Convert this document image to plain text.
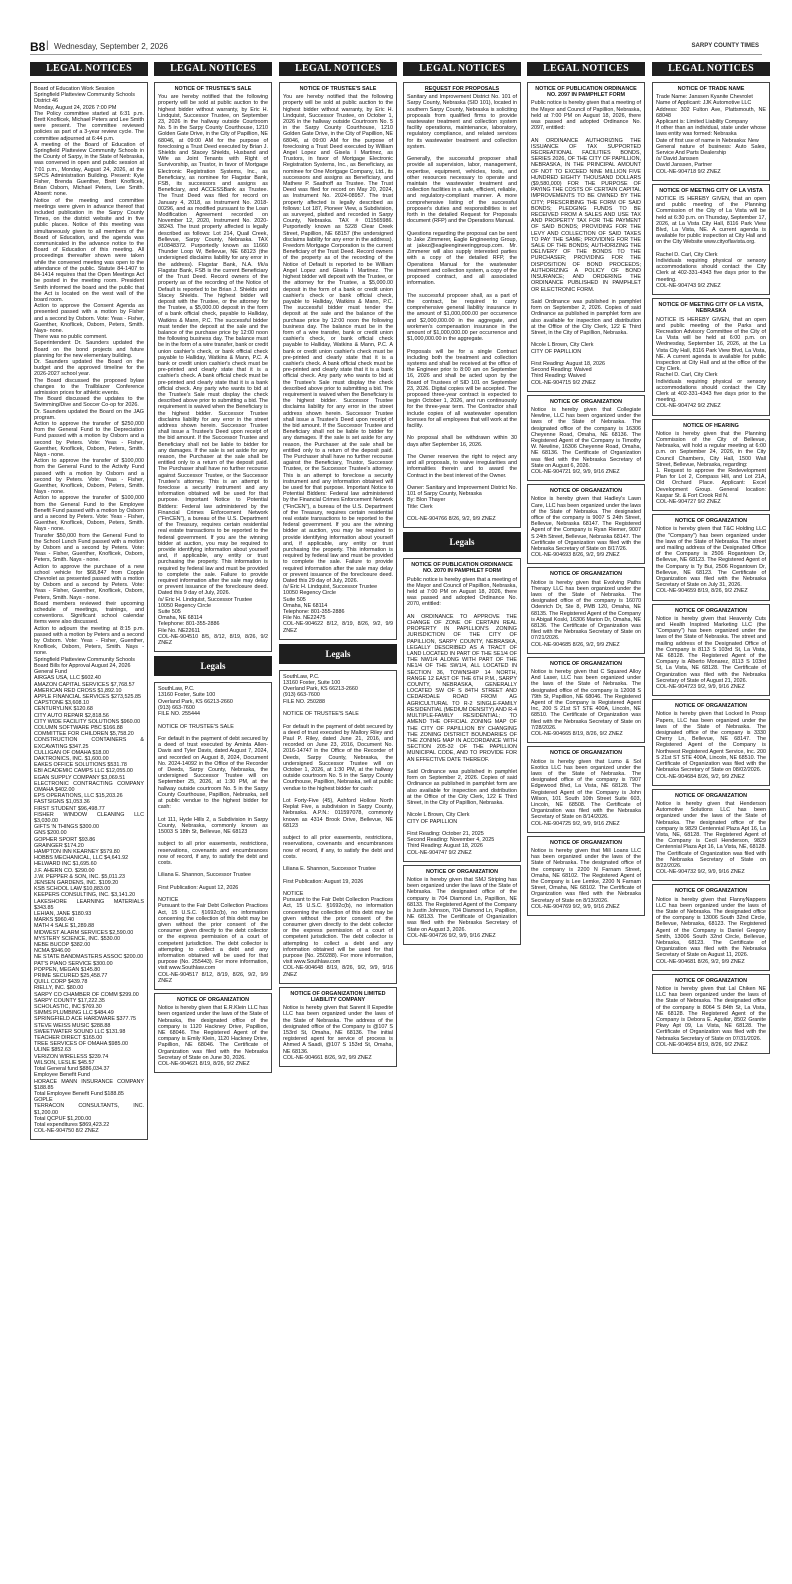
B8 | Wednesday, September 2, 2026	SARPY COUNTY TIMES
LEGAL NOTICES

Board of Education Work Session
Springfield Platteview Community Schools
District 46
Monday, August 24, 2026 7:00 PM
The Policy committee started at 6:31 p.m. Brett Knoflicek, Michael Peters and Lee Smith were present. The committee reviewed policies as part of a 3-year review cycle. The committee adjourned at 6:44 p.m.
A meeting of the Board of Education of Springfield Platteview Community Schools in the County of Sarpy, in the State of Nebraska, was convened in open and public session at 7:01 p.m., Monday, August 24, 2026, at the SPCS Administration Building. Present: Kyle Fisher, Brenda Guenther, Brett Knoflicek, Brian Osborn, Michael Peters, Lee Smith. Absent: none.
Notice of the meeting and committee meetings were given in advance thereof that included publication in the Sarpy County Times, on the district website and in five public places. Notice of this meeting was simultaneously given to all members of the Board of Education, and the agenda was communicated in the advance notice to the Board of Education of this meeting. All proceedings thereafter shown were taken while the convened meeting was open to the attendance of the public. Statute 84-1407 to 84-1414 requires that the Open Meetings Act be posted in the meeting room. President Smith informed the board and the public that the Act is located on the west wall of the board room.
Action to approve the Consent Agenda as presented passed with a motion by Fisher and a second by Osborn. Vote: Yeas - Fisher, Guenther, Knoflicek, Osborn, Peters, Smith. Nays- none.
There was no public comment.
Superintendent Dr. Saunders updated the Board on the bond projects and future planning for the new elementary building.
Dr. Saunders updated the Board on the budget and the approved timeline for the 2026-2027 school year.
The Board discussed the proposed bylaw changes to the Trailblazer Conference admission prices for athletic events.
The Board discussed the updates to the Swimming/Dive and Soccer Co-op for 2026.
Dr. Saunders updated the Board on the JAG program.
Action to approve the transfer of $250,000 from the General Fund to the Depreciation Fund passed with a motion by Osborn and a second by Peters. Vote: Yeas - Fisher, Guenther, Knoflicek, Osborn, Peters, Smith. Nays - none.
Action to approve the transfer of $100,000 from the General Fund to the Activity Fund passed with a motion by Osborn and a second by Peters. Vote: Yeas - Fisher, Guenther, Knoflicek, Osborn, Peters, Smith. Nays - none.
Action to approve the transfer of $100,000 from the General Fund to the Employee Benefit Fund passed with a motion by Osborn and a second by Peters. Vote: Yeas - Fisher, Guenther, Knoflicek, Osborn, Peters, Smith. Nays - none.
Transfer $50,000 from the General Fund to the School Lunch Fund passed with a motion by Osborn and a second by Peters. Vote: Yeas - Fisher, Guenther, Knoflicek, Osborn, Peters, Smith. Nays - none.
Action to approve the purchase of a new school vehicle for $68,847 from Copple Chevrolet as presented passed with a motion by Osborn and a second by Peters. Vote: Yeas - Fisher, Guenther, Knoflicek, Osborn, Peters, Smith. Nays - none.
Board members reviewed their upcoming schedule of meetings, trainings, and conventions. Significant school calendar items were also discussed.
Action to adjourn the meeting at 8:15 p.m. passed with a motion by Peters and a second by Osborn. Vote: Yeas - Fisher, Guenther, Knoflicek, Osborn, Peters, Smith. Nays - none.
Springfield Platteview Community Schools
Board Bills for Approval August 24, 2026
General Fund
AIRGAS USA, LLC $602.40
AMAZON CAPITAL SERVICES $7,768.57
AMERICAN RED CROSS $1,892.10
APPLE FINANCIAL SERVICES $273,525.85
CAPSTONE $3,608.10
CENTURYLINK $120.68
CITY AUTO REPAIR $2,818.56
CITY WIDE FACILITY SOLUTIONS $960.00
COLUMN SOFTWARE PBC $166.88
COMMITTEE FOR CHILDREN $5,758.20
CONSTRUCTION CONTAINERS & EXCAVATING $347.25
CULLIGAN OF OMAHA $18.00
DAKTRONICS, INC. $1,600.00
EAKES OFFICE SOLUTIONS $531.78
EBI ACADEMIC CAMPS LLC $12,055.00
EGAN SUPPLY COMPANY $3,069.51
ELECTRONIC CONTRACTING COMPANY OMAHA $402.00
EPS OPERATIONS, LLC $15,203.26
FASTSIGNS $1,053.36
FIRST STUDENT $96,498.77
FISHER WINDOW CLEANING LLC $3,030.00
GIFTS 'N THINGS $300.00
GNS $200.00
GOPHER SPORT $93.86
GRAINGER $174.20
HAMPTON INN KEARNEY $579.80
HOBBS MECHANICAL, LLC $4,641.92
HELWARD INC $1,695.60
J.F. AHERN CO. $290.00
J.W. PEPPER & SON, INC. $5,011.23
JENSEN GARDENS, INC. $109.20
KSB SCHOOL LAW $10,883.00
KEEPERS CONSULTING, INC. $3,141.20
LAKESHORE LEARNING MATERIALS $343.85
LEHIAN, JANE $180.93
MARKS $960.40
MATH 4 SALE $1,289.88
MIDWEST ALARM SERVICES $2,590.00
MYSTERY SCIENCE, INC. $530.00
NEBE BUCOP $382.00
NCMA $946.00
NE STATE BANDMASTERS ASSOC $200.00
PAT'S PIANO SERVICE $300.00
POPPEN, MEGAN $145.80
PRIME SECURED $25,458.77
QUILL CORP $439.78
RIELLY, INC. $80.00
SARPY CO CHAMBER OF COMM $299.00
SARPY COUNTY $17,222.35
SCHOLASTIC, INC $769.30
SIMMS PLUMBING LLC $484.49
SPRINGFIELD ACE HARDWARE $377.75
STEVE WEISS MUSIC $288.88
SWEETWATER SOUND LLC $131.98
TEACHER DIRECT $165.00
TREE SERVICES OF OMAHA $985.00
ULINE $852.63
VERIZON WIRELESS $239.74
WILSON, LESLIE $45.57
Total General fund $886,034.37
Employee Benefit Fund
HORACE MANN INSURANCE COMPANY $188.85
Total Employee Benefit Fund $188.85
GOPLE
TERRACON CONSULTANTS, INC. $1,200.00
Total QCPUF $1,200.00
Total expenditures $869,423.22
COL-NE-904750 8/2 ZNEZ

LEGAL NOTICES
NOTICE OF TRUSTEE'S SALE

You are hereby notified that the following property will be sold at public auction to the highest bidder without warranty, by Eric H. Lindquist, Successor Trustee, on September 23, 2026 in the hallway outside Courtroom No. 5 in the Sarpy County Courthouse, 1210 Golden Gate Drive, in the City of Papillion, NE 68046, at 09:00 AM for the purpose of foreclosing a Trust Deed executed by Brian J. Shields and Stacey Shields, Husband and Wife as Joint Tenants with Right of Survivorship, as Trustor, in favor of Mortgage Electronic Registration Systems, Inc., as Beneficiary, as nominee for Flagstar Bank, FSB, its successors and assigns as Beneficiary, and ACCESSBank as Trustee. The Trust Deed was filed for record on January 4, 2018, as Instrument No. 2018-00296, and as modified pursuant to the Loan Modification Agreement recorded on November 12, 2020, Instrument No. 2020-38243. The trust property affected is legally described as follows: Lot 214, Quail Creek, Bellevue, Sarpy County, Nebraska. TAX #10848372. Purportedly known as 11660 Thunder Loop W, Bellevue, NE 68123 (the undersigned disclaims liability for any error in the address). Flagstar Bank, N.A. f/k/a Flagstar Bank, FSB is the current Beneficiary of the Trust Deed. Record owners of the property as of the recording of the Notice of Default is reported to be Brian J. Shields and Stacey Shields. The highest bidder will deposit with the Trustee, or the attorney for the Trustee, a $5,000.00 deposit in the form of a bank official check, payable to Halliday, Watkins & Mann, P.C. The successful bidder must tender the deposit at the sale and the balance of the purchase price by 12:00 noon the following business day. The balance must be in the form of a wire transfer, bank or credit union cashier's check, or bank official check payable to Halliday, Watkins & Mann, P.C. A bank or credit union cashier's check must be pre-printed and clearly state that it is a cashier's check. A bank official check must be pre-printed and clearly state that it is a bank official check. Any party who wants to bid at the Trustee's Sale must display the check described above prior to submitting a bid. The requirement is waived when the Beneficiary is the highest bidder. Successor Trustee disclaims liability for any error in the street address shown herein. Successor Trustee shall issue a Trustee's Deed upon receipt of the bid amount. If the Successor Trustee and Beneficiary shall not be liable to bidder for any damages. If the sale is set aside for any reason, the Purchaser at the sale shall be entitled only to a return of the deposit paid. The Purchaser shall have no further recourse against Successor Trustee, or the Successor Trustee's attorney. This is an attempt to foreclose a security instrument and any information obtained will be used for that purpose. Important Notice to Potential Bidders: Federal law administered by the Financial Crimes Enforcement Network ("FinCEN"), a bureau of the U.S. Department of the Treasury, requires certain residential real estate transactions to be reported to the federal government. If you are the winning bidder at auction, you may be required to provide identifying information about yourself and, if applicable, any entity or trust purchasing the property. This information is required by federal law and must be provided to complete the sale. Failure to provide required information after the sale may delay or prevent issuance of the foreclosure deed. Dated this 9 day of July, 2026.
/s/ Eric H. Lindquist, Successor Trustee
10050 Regency Circle
Suite 505
Omaha, NE 68114
Telephone: 801-355-2886
File No. NE22611
COL-NE-904510 8/5, 8/12, 8/19, 8/26, 9/2 ZNEZ

Legals

SouthLaw, P.C.
13160 Foster, Suite 100
Overland Park, KS 66213-2660
(913) 663-7600
FILE NO. 255444

NOTICE OF TRUSTEE'S SALE

For default in the payment of debt secured by a deed of trust executed by Aminta Allen-Davis and Tyler Davis, dated August 7, 2024, and recorded on August 8, 2024, Document No. 2024-14092 in the Office of the Recorder of Deeds, Sarpy County, Nebraska, the undersigned Successor Trustee will on September 25, 2026, at 1:30 PM, at the hallway outside courtroom No. 5 in the Sarpy County Courthouse, Papillion, Nebraska, sell at public vendue to the highest bidder for cash:

Lot 111, Hyde Hills 2, a Subdivision in Sarpy County, Nebraska, commonly known as 15003 S 18th St, Bellevue, NE 68123

subject to all prior easements, restrictions, reservations, covenants and encumbrances now of record, if any, to satisfy the debt and costs.

Liliana E. Shannon, Successor Trustee

First Publication: August 12, 2026

NOTICE
Pursuant to the Fair Debt Collection Practices Act, 15 U.S.C. §1692c(b), no information concerning the collection of this debt may be given without the prior consent of the consumer given directly to the debt collector or the express permission of a court of competent jurisdiction. The debt collector is attempting to collect a debt and any information obtained will be used for that purpose (No. 255443). For more information, visit www.Southlaw.com
COL-NE-904517 8/12, 8/19, 8/26, 9/2, 9/9 ZNEZ

NOTICE OF ORGANIZATION

Notice is hereby given that E.R.Klein LLC has been organized under the laws of the State of Nebraska, the designated office of the company is 1120 Hackney Drive, Papillion, NE 68046. The Registered Agent of the company is Emily Klein, 1120 Hackney Drive, Papillion, NE 68046. The Certificate of Organization was filed with the Nebraska Secretary of State on June 30, 2026.
COL-NE-904621 8/19, 8/26, 9/2 ZNEZ

LEGAL NOTICES
NOTICE OF TRUSTEE'S SALE

You are hereby notified that the following property will be sold at public auction to the highest bidder without warranty, by Eric H. Lindquist, Successor Trustee, on October 1, 2026 in the hallway outside Courtroom No. 5 in the Sarpy County Courthouse, 1210 Golden Gate Drive, in the City of Papillion, NE 68046, at 09:00 AM for the purpose of foreclosing a Trust Deed executed by William Angel Lopez and Gisela I Martinez, as Trustors, in favor of Mortgage Electronic Registration Systems, Inc., as Beneficiary, as nominee for One Mortgage Company, Ltd., its successors and assigns as Beneficiary, and Mathew P. Saathoff as Trustee. The Trust Deed was filed for record on May 20, 2024, as Instrument No. 2024-08957. The trust property affected is legally described as follows: Lot 187, Pioneer View, a Subdivision, as surveyed, platted and recorded in Sarpy County, Nebraska. TAX # 011565986. Purportedly known as 5228 Clear Creek Street, Papillion, NE 68157 (the undersigned disclaims liability for any error in the address). Freedom Mortgage Corporation is the current Beneficiary of the Trust Deed. Record owners of the property as of the recording of the Notice of Default is reported to be William Angel Lopez and Gisela I Martinez. The highest bidder will deposit with the Trustee, or the attorney for the Trustee, a $5,000.00 deposit in the form of a bank or credit union cashier's check or bank official check, payable to Halliday, Watkins & Mann, P.C. The successful bidder must tender the deposit at the sale and the balance of the purchase price by 12:00 noon the following business day. The balance must be in the form of a wire transfer, bank or credit union cashier's check, or bank official check payable to Halliday, Watkins & Mann, P.C. A bank or credit union cashier's check must be pre-printed and clearly state that it is a cashier's check. A bank official check must be pre-printed and clearly state that it is a bank official check. Any party who wants to bid at the Trustee's Sale must display the check described above prior to submitting a bid. The requirement is waived when the Beneficiary is the highest bidder. Successor Trustee disclaims liability for any error in the street address shown herein. Successor Trustee shall issue a Trustee's Deed upon receipt of the bid amount. If the Successor Trustee and Beneficiary shall not be liable to bidder for any damages. If the sale is set aside for any reason, the Purchaser at the sale shall be entitled only to a return of the deposit paid. The Purchaser shall have no further recourse against the Beneficiary, Trustor, Successor Trustee, or the Successor Trustee's attorney. This is an attempt to foreclose a security instrument and any information obtained will be used for that purpose. Important Notice to Potential Bidders: Federal law administered by the Financial Crimes Enforcement Network ("FinCEN"), a bureau of the U.S. Department of the Treasury, requires certain residential real estate transactions to be reported to the federal government. If you are the winning bidder at auction, you may be required to provide identifying information about yourself and, if applicable, any entity or trust purchasing the property. This information is required by federal law and must be provided to complete the sale. Failure to provide required information after the sale may delay or prevent issuance of the foreclosure deed. Dated this 29 day of July, 2026.
/s/ Eric H. Lindquist, Successor Trustee
10050 Regency Circle
Suite 505
Omaha, NE 68114
Telephone: 801-355-2886
File No. NE22475
COL-NE-904622 8/12, 8/19, 8/26, 9/2, 9/9 ZNEZ

Legals

SouthLaw, P.C.
13160 Foster, Suite 100
Overland Park, KS 66213-2660
(913) 663-7600
FILE NO. 250288

NOTICE OF TRUSTEE'S SALE

For default in the payment of debt secured by a deed of trust executed by Mallory Riley and Paul P. Riley, dated June 21, 2016, and recorded on June 23, 2016, Document No. 2016-14747 in the Office of the Recorder of Deeds, Sarpy County, Nebraska, the undersigned Successor Trustee will on October 1, 2026, at 1:30 PM, at the hallway outside courtroom No. 5 in the Sarpy County Courthouse, Papillion, Nebraska, sell at public vendue to the highest bidder for cash:

Lot Forty-Five (45), Ashford Hollow North Replat Five, a subdivision in Sarpy County, Nebraska. A.P.N.: 011597078, commonly known as 4314 Brook Drive, Bellevue, NE 68123

subject to all prior easements, restrictions, reservations, covenants and encumbrances now of record, if any, to satisfy the debt and costs.

Liliana E. Shannon, Successor Trustee

First Publication: August 19, 2026

NOTICE
Pursuant to the Fair Debt Collection Practices Act, 15 U.S.C. §1692c(b), no information concerning the collection of this debt may be given without the prior consent of the consumer given directly to the debt collector or the express permission of a court of competent jurisdiction. The debt collector is attempting to collect a debt and any information obtained will be used for that purpose (No. 250288). For more information, visit www.Southlaw.com
COL-NE-904648 8/19, 8/26, 9/2, 9/9, 9/16 ZNEZ

NOTICE OF ORGANIZATION LIMITED LIABILITY COMPANY

Notice is hereby given that Sarent II Expedite LLC has been organized under the laws of the State of Nebraska. The address of the designated office of the Company is @107 S 153rd St, Omaha, NE 68136. The initial registered agent for service of process is Ahmed A Saadi, @107 S 153rd St, Omaha, NE 68136.
COL-NE-904661 8/26, 9/2, 9/9 ZNEZ

LEGAL NOTICES
REQUEST FOR PROPOSALS

Sanitary and Improvement District No. 101 of Sarpy County, Nebraska (SID 101), located in southern Sarpy County, Nebraska is soliciting proposals from qualified firms to provide wastewater treatment and collection system facility operations, maintenance, laboratory, regulatory compliance, and related services for its wastewater treatment and collection system.

Generally, the successful proposer shall provide all supervision, labor, management, expertise, equipment, vehicles, tools, and other resources necessary to operate and maintain the wastewater treatment and collection facilities in a safe, efficient, reliable, and regulatory-compliant manner. A more comprehensive listing of the successful proposer's duties and responsibilities is set forth in the detailed Request for Proposals document (RFP) and the Operations Manual.

Questions regarding the proposal can be sent to Jake Zimmerer, Eagle Engineering Group, at jakez@eagleengineeringgroup.com. Mr. Zimmerer will also supply interested parties with a copy of the detailed RFP, the Operations Manual for the wastewater treatment and collection system, a copy of the proposed contract, and all associated information.

The successful proposer shall, as a part of the contract, be required to carry comprehensive general liability insurance in the amount of $1,000,000.00 per occurrence and $2,000,000.00 in the aggregate, and workmen's compensation insurance in the amount of $1,000,000.00 per occurrence and $1,000,000.00 in the aggregate.

Proposals will be for a single Contract including both the treatment and collection systems and shall be received at the office of the Engineer prior to 8:00 am on September 16, 2026 and shall be acted upon by the Board of Trustees of SID 101 on September 23, 2026. Digital copies will be accepted. The proposed three-year contract is expected to begin October 1, 2026, and run continuously for the three-year term. The Contractor shall include copies of all wastewater operation licenses for all employees that will work at the facility.

No proposal shall be withdrawn within 30 days after September 16, 2026.

The Owner reserves the right to reject any and all proposals, to waive irregularities and informalities therein and to award the Contract in the best interest of the Owner.

Owner: Sanitary and Improvement District No. 101 of Sarpy County, Nebraska
By: Blon Thayer
Title: Clerk

COL-NE-904766 8/26, 9/2, 9/9 ZNEZ

Legals
NOTICE OF PUBLICATION ORDINANCE NO. 2070 IN PAMPHLET FORM

Public notice is hereby given that a meeting of the Mayor and Council of Papillion, Nebraska, held at 7:00 PM on August 18, 2026, there was passed and adopted Ordinance No. 2070, entitled:

AN ORDINANCE TO APPROVE THE CHANGE OF ZONE OF CERTAIN REAL PROPERTY IN PAPILLION'S ZONING JURISDICTION OF THE CITY OF PAPILLION, SARPY COUNTY, NEBRASKA, LEGALLY DESCRIBED AS A TRACT OF LAND LOCATED IN PART OF THE SE1/4 OF THE NW1/4 ALONG WITH PART OF THE NE1/4 OF THE SW1/4, ALL LOCATED IN SECTION 36, TOWNSHIP 14 NORTH, RANGE 12 EAST OF THE 6TH P.M., SARPY COUNTY, NEBRASKA, GENERALLY LOCATED SW OF S 84TH STREET AND CEDARDALE ROAD FROM AG AGRICULTURAL TO R-2 SINGLE-FAMILY RESIDENTIAL (MEDIUM DENSITY) AND R-4 MULTIPLE-FAMILY RESIDENTIAL; TO AMEND THE OFFICIAL ZONING MAP OF THE CITY OF PAPILLION BY CHANGING THE ZONING DISTRICT BOUNDARIES OF THE ZONING MAP IN ACCORDANCE WITH SECTION 205-32 OF THE PAPILLION MUNICIPAL CODE, AND TO PROVIDE FOR AN EFFECTIVE DATE THEREOF.

Said Ordinance was published in pamphlet form on September 2, 2026. Copies of said Ordinance as published in pamphlet form are also available for inspection and distribution at the Office of the City Clerk, 122 E Third Street, in the City of Papillion, Nebraska.

Nicole L Brown, City Clerk
CITY OF PAPILLION

First Reading: October 21, 2025
Second Reading: November 4, 2025
Third Reading: August 18, 2026
COL-NE-904747 9/2 ZNEZ

NOTICE OF ORGANIZATION

Notice is hereby given that SMJ Striping has been organized under the laws of the State of Nebraska. The designated office of the company is 704 Diamond Ln, Papillion, NE 68133. The Registered Agent of the Company is Justin Johnson, 704 Diamond Ln, Papillion, NE 68133. The Certificate of Organization was filed with the Nebraska Secretary of State on August 3, 2026.
COL-NE-904726 9/2, 9/9, 9/16 ZNEZ

LEGAL NOTICES
NOTICE OF PUBLICATION ORDINANCE NO. 2097 IN PAMPHLET FORM

Public notice is hereby given that a meeting of the Mayor and Council of Papillion, Nebraska, held at 7:00 PM on August 18, 2026, there was passed and adopted Ordinance No. 2097, entitled:

AN ORDINANCE AUTHORIZING THE ISSUANCE OF TAX SUPPORTED RECREATIONAL FACILITIES BONDS, SERIES 2026, OF THE CITY OF PAPILLION, NEBRASKA, IN THE PRINCIPAL AMOUNT OF NOT TO EXCEED NINE MILLION FIVE HUNDRED EIGHTY THOUSAND DOLLARS ($9,580,000) FOR THE PURPOSE OF PAYING THE COSTS OF CERTAIN CAPITAL IMPROVEMENTS TO BE OWNED BY THE CITY; PRESCRIBING THE FORM OF SAID BONDS; PLEDGING FUNDS TO BE RECEIVED FROM A SALES AND USE TAX AND PROPERTY TAX FOR THE PAYMENT OF SAID BONDS; PROVIDING FOR THE LEVY AND COLLECTION OF SAID TAXES TO PAY THE SAME; PROVIDING FOR THE SALE OF THE BONDS; AUTHORIZING THE DELIVERY OF THE BONDS TO THE PURCHASER; PROVIDING FOR THE DISPOSITION OF BOND PROCEEDS; AUTHORIZING A POLICY OF BOND INSURANCE; AND ORDERING THE ORDINANCE PUBLISHED IN PAMPHLET OR ELECTRONIC FORM.

Said Ordinance was published in pamphlet form on September 2, 2026. Copies of said Ordinance as published in pamphlet form are also available for inspection and distribution at the Office of the City Clerk, 122 E Third Street, in the City of Papillion, Nebraska.

Nicole L Brown, City Clerk
CITY OF PAPILLION

First Reading: August 18, 2026
Second Reading: Waived
Third Reading: Waived
COL-NE-904715 9/2 ZNEZ

NOTICE OF ORGANIZATION

Notice is hereby given that Collegiate Newline, LLC has been organized under the laws of the State of Nebraska. The designated office of the company is 16306 Cheyenne Road, Omaha, NE 68136. The Registered Agent of the Company is Timothy W. Newline, 16306 Cheyenne Road, Omaha, NE 68136. The Certificate of Organization was filed with the Nebraska Secretary of State on August 6, 2026.
COL-NE-904721 9/2, 9/9, 9/16 ZNEZ

NOTICE OF ORGANIZATION

Notice is hereby given that Hadley's Lawn Care, LLC has been organized under the laws of the State of Nebraska. The designated office of the company is 9007 S 24th Street, Bellevue, Nebraska 68147. The Registered Agent of the Company is Ryan Riemer, 9007 S 24th Street, Bellevue, Nebraska 68147. The Certificate of Organization was filed with the Nebraska Secretary of State on 8/17/26.
COL-NE-904693 8/26, 9/2, 9/9 ZNEZ

NOTICE OF ORGANIZATION

Notice is hereby given that Evolving Paths Therapy LLC has been organized under the laws of the State of Nebraska. The designated office of the company is 16070 Odenrich Dr, Ste 8, PMB 120, Omaha, NE 68135. The Registered Agent of the Company is Abigail Koski, 16306 Marion Dr, Omaha, NE 68136. The Certificate of Organization was filed with the Nebraska Secretary of State on 07/21/2026.
COL-NE-904685 8/26, 9/2, 9/9 ZNEZ

NOTICE OF ORGANIZATION

Notice is hereby given that C Squared Alloy And Laser, LLC has been organized under the laws of the State of Nebraska. The designated office of the company is 12008 S 79th St, Papillion, NE 68046. The Registered Agent of the Company is Registered Agent Inc, 200 S 21st ST STE 400A, Lincoln, NE 68510. The Certificate of Organization was filed with the Nebraska Secretary of State on 7/28/2026.
COL-NE-904665 8/19, 8/26, 9/2 ZNEZ

NOTICE OF ORGANIZATION

Notice is hereby given that Lumo & Sol Exotics LLC has been organized under the laws of the State of Nebraska. The designated office of the company is 7907 Edgewood Blvd, La Vista, NE 68128. The Registered Agent of the Company is John Wilson, 101 South 10th Street Suite 603, Lincoln, NE 68508. The Certificate of Organization was filed with the Nebraska Secretary of State on 8/14/2026.
COL-NE-904725 9/2, 9/9, 9/16 ZNEZ

NOTICE OF ORGANIZATION

Notice is hereby given that Mill Loans LLC has been organized under the laws of the State of Nebraska. The designated office of the company is 2200 N Farnam Street, Omaha, NE 68102. The Registered Agent of the Company is Lee Lemke, 2200 N Farnam Street, Omaha, NE 68102. The Certificate of Organization was filed with the Nebraska Secretary of State on 8/13/2026.
COL-NE-904769 9/2, 9/9, 9/16 ZNEZ

LEGAL NOTICES
NOTICE OF TRADE NAME

Trade Name: Janssen Kyanite Chevrolet
Name of Applicant: JJK Automotive LLC
Address: 302 Fulton Ave, Plattsmouth, NE 68048
Applicant is: Limited Liability Company
If other than an individual, state under whose laws entity was formed: Nebraska
Date of first use of name in Nebraska: New
General nature of business: Auto Sales, Service And Parts Dealership
/s/ David Janssen
David Janssen, Partner
COL-NE-904718 9/2 ZNEZ

NOTICE OF MEETING CITY OF LA VISTA

NOTICE IS HEREBY GIVEN, that an open and public meeting of the Planning Commission of the City of La Vista will be held at 6:30 p.m. on Thursday, September 17, 2026, at La Vista City Hall, 8116 Park View Blvd, La Vista, NE. A current agenda is available for public inspection at City Hall and on the City Website www.cityoflavista.org.

Rachel D. Carl, City Clerk
Individuals requiring physical or sensory accommodations should contact the City Clerk at 402-331-4343 five days prior to the meeting.
COL-NE-904743 9/2 ZNEZ

NOTICE OF MEETING CITY OF LA VISTA, NEBRASKA

NOTICE IS HEREBY GIVEN, that an open and public meeting of the Parks and Recreation Advisory Committee of the City of La Vista will be held at 6:00 p.m. on Wednesday, September 16, 2026, at the La Vista City Hall, 8116 Park View Blvd, La Vista, NE. A current agenda is available for public inspection at City Hall and at the office of the City Clerk.
Rachel D. Carl, City Clerk
Individuals requiring physical or sensory accommodations should contact the City Clerk at 402-331-4343 five days prior to the meeting.
COL-NE-904742 9/2 ZNEZ

NOTICE OF HEARING

Notice is hereby given that the Planning Commission of the City of Bellevue, Nebraska, will hold a regular meeting at 6:00 p.m. on September 24, 2026, in the City Council Chambers, City Hall, 1500 Wall Street, Bellevue, Nebraska, regarding:
1. Request to approve the Redevelopment Plan for Lot 2, Compass Hill, and Lot 21A, Old Orchard Place. Applicant: Excel Development Group. General location: Kaspar St. & Fort Crook Rd N.
COL-NE-904727 9/2 ZNEZ

NOTICE OF ORGANIZATION

Notice is hereby given that T&C Holding LLC (the "Company") has been organized under the laws of the State of Nebraska. The street and mailing address of the Designated Office of the Company is 2506 Rogantown Dr, Bellevue, NE 68123. The Registered Agent of the Company is Ty Bui, 2506 Rogantown Dr, Bellevue, NE 68123. The Certificate of Organization was filed with the Nebraska Secretary of State on July 31, 2026.
COL-NE-904659 8/19, 8/26, 9/2 ZNEZ

NOTICE OF ORGANIZATION

Notice is hereby given that Heavenly Cuts and Health Inspired Marketing LLC (the "Company") has been organized under the laws of the State of Nebraska. The street and mailing address of the Designated Office of the Company is 8113 S 103rd St, La Vista, NE 68128. The Registered Agent of the Company is Alberto Monarez, 8113 S 103rd St, La Vista, NE 68128. The Certificate of Organization was filed with the Nebraska Secretary of State of August 21, 2026.
COL-NE-904723 9/2, 9/9, 9/16 ZNEZ

NOTICE OF ORGANIZATION

Notice is hereby given that Locked In Prosp Papers, LLC has been organized under the laws of the State of Nebraska. The designated office of the company is 3330 Cherry Ln, Bellevue, NE 68147. The Registered Agent of the Company is Northwest Registered Agent Service, Inc. 200 S 21st ST STE 400A, Lincoln, NE 68510. The Certificate of Organization was filed with the Nebraska Secretary of State on 08/02/2026.
COL-NE-904684 8/26, 9/2, 9/9 ZNEZ

NOTICE OF ORGANIZATION

Notice is hereby given that Henderson Automotive Solutions LLC has been organized under the laws of the State of Nebraska. The designated office of the company is 9829 Centennial Plaza Apt 16, La Vista, NE, 68128. The Registered Agent of the Company is Cecil Henderson, 9829 Centennial Plaza Apt 16, La Vista, NE, 68128. The Certificate of Organization was filed with the Nebraska Secretary of State on 8/22/2026.
COL-NE-904732 9/2, 9/9, 9/16 ZNEZ

NOTICE OF ORGANIZATION

Notice is hereby given that FlannyNappers LLC has been organized under the laws of the State of Nebraska. The designated office of the company is 13006 South 32nd Circle, Bellevue, Nebraska, 68123. The Registered Agent of the Company is Daniel Gregory Smith, 13006 South 32nd Circle, Bellevue, Nebraska, 68123. The Certificate of Organization was filed with the Nebraska Secretary of State on August 11, 2026.
COL-NE-904681 8/26, 9/2, 9/9 ZNEZ

NOTICE OF ORGANIZATION

Notice is hereby given that Lal Chiken NE LLC has been organized under the laws of the State of Nebraska. The designated office of the company is 8064 S 84th St, La Vista, NE 68128. The Registered Agent of the Company is Debora E. Aguilar, 8502 Granite Pkwy Apt 09, La Vista, NE 68128. The Certificate of Organization was filed with the Nebraska Secretary of State on 07/31/2026.
COL-NE-904654 8/19, 8/26, 9/2 ZNEZ
